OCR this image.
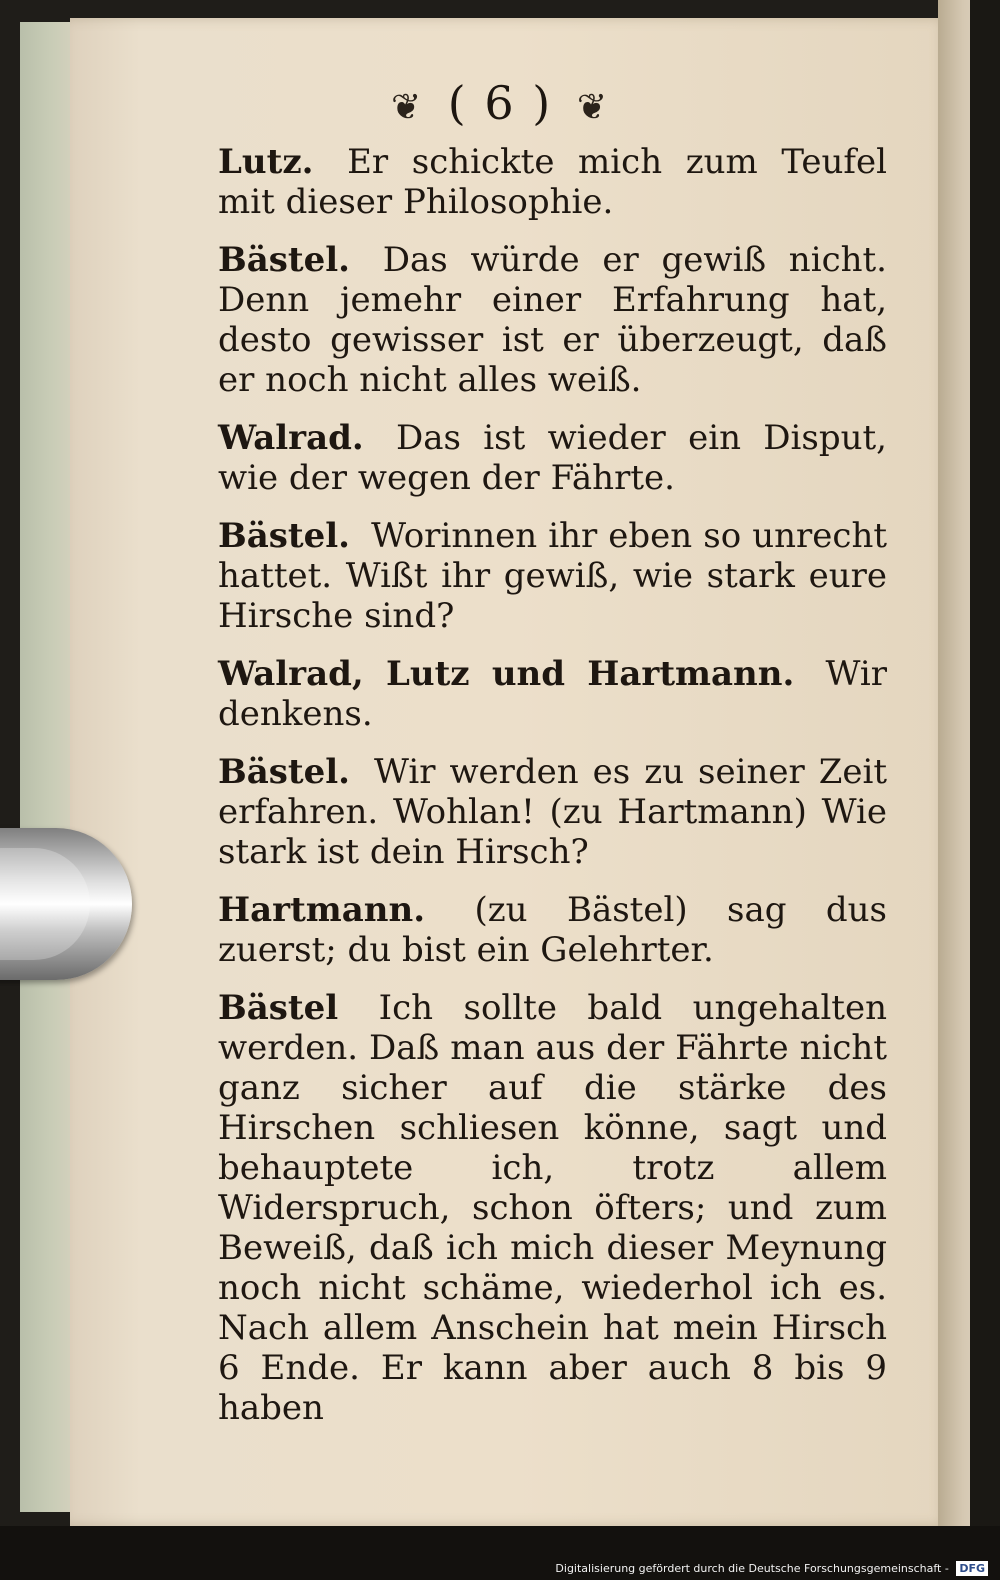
❦ ( 6 ) ❦

Lutz. Er schickte mich zum Teufel mit dieser Philosophie.

Bästel. Das würde er gewiß nicht. Denn jemehr einer Erfahrung hat, desto gewisser ist er überzeugt, daß er noch nicht alles weiß.

Walrad. Das ist wieder ein Disput, wie der wegen der Fährte.

Bästel. Worinnen ihr eben so unrecht hattet. Wißt ihr gewiß, wie stark eure Hirsche sind?

Walrad, Lutz und Hartmann. Wir denkens.

Bästel. Wir werden es zu seiner Zeit erfahren. Wohlan! (zu Hartmann) Wie stark ist dein Hirsch?

Hartmann. (zu Bästel) sag dus zuerst; du bist ein Gelehrter.

Bästel Ich sollte bald ungehalten werden. Daß man aus der Fährte nicht ganz sicher auf die stärke des Hirschen schliesen könne, sagt und behauptete ich, trotz allem Widerspruch, schon öfters; und zum Beweiß, daß ich mich dieser Meynung noch nicht schäme, wiederhol ich es. Nach allem Anschein hat mein Hirsch 6 Ende. Er kann aber auch 8 bis 9 haben

Digitalisierung gefördert durch die Deutsche Forschungsgemeinschaft - DFG
